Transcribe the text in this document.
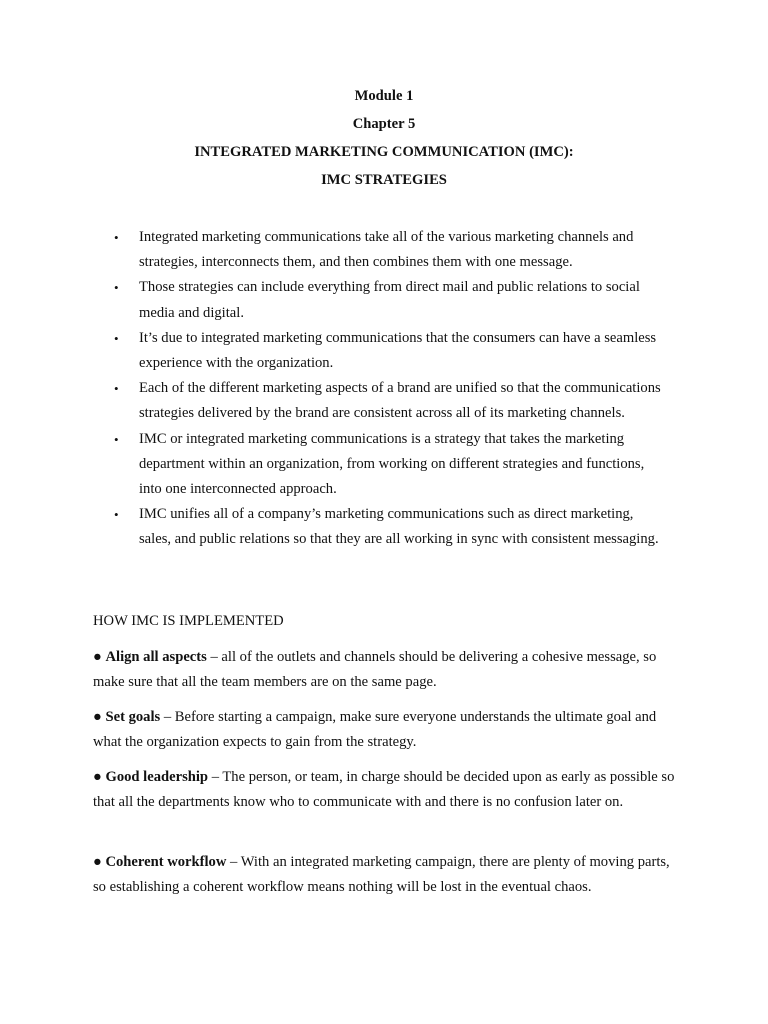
Module 1
Chapter 5
INTEGRATED MARKETING COMMUNICATION (IMC):
IMC STRATEGIES
• Integrated marketing communications take all of the various marketing channels and strategies, interconnects them, and then combines them with one message.
• Those strategies can include everything from direct mail and public relations to social media and digital.
• It’s due to integrated marketing communications that the consumers can have a seamless experience with the organization.
• Each of the different marketing aspects of a brand are unified so that the communications strategies delivered by the brand are consistent across all of its marketing channels.
• IMC or integrated marketing communications is a strategy that takes the marketing department within an organization, from working on different strategies and functions, into one interconnected approach.
• IMC unifies all of a company’s marketing communications such as direct marketing, sales, and public relations so that they are all working in sync with consistent messaging.
HOW IMC IS IMPLEMENTED

● Align all aspects – all of the outlets and channels should be delivering a cohesive message, so make sure that all the team members are on the same page.

● Set goals – Before starting a campaign, make sure everyone understands the ultimate goal and what the organization expects to gain from the strategy.

● Good leadership – The person, or team, in charge should be decided upon as early as possible so that all the departments know who to communicate with and there is no confusion later on.

● Coherent workflow – With an integrated marketing campaign, there are plenty of moving parts, so establishing a coherent workflow means nothing will be lost in the eventual chaos.
